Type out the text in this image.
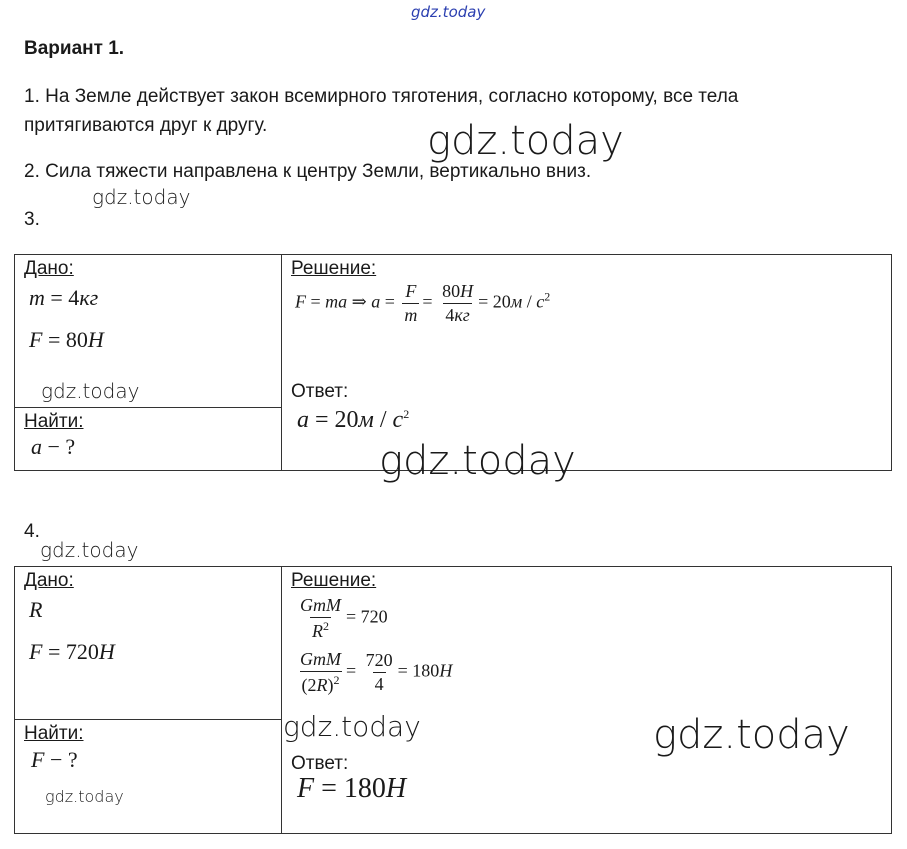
gdz.today
Вариант 1.
1. На Земле действует закон всемирного тяготения, согласно которому, все тела
притягиваются друг к другу.	gdz.today
2. Сила тяжести направлена к центру Земли, вертикально вниз.
gdz.today
3.
Дано:
m = 4кг
F = 80H
gdz.today
Найти:
a − ?
Решение:
F = ma ⇒ $a = \frac{F}{m} = \frac{80H}{4кг} = 20м / c^2$
Ответ:
$a = 20м / c^2$
gdz.today
4.
gdz.today
Дано:
R
F = 720H
Найти:
F − ?
gdz.today
Решение:
$\frac{\text{GmM}}{R^2} = 720$
$\frac{\text{GmM}}{(2R)^2} = \frac{720}{4} = 180H$
gdz.today	gdz.today
Ответ:
F = 180H
